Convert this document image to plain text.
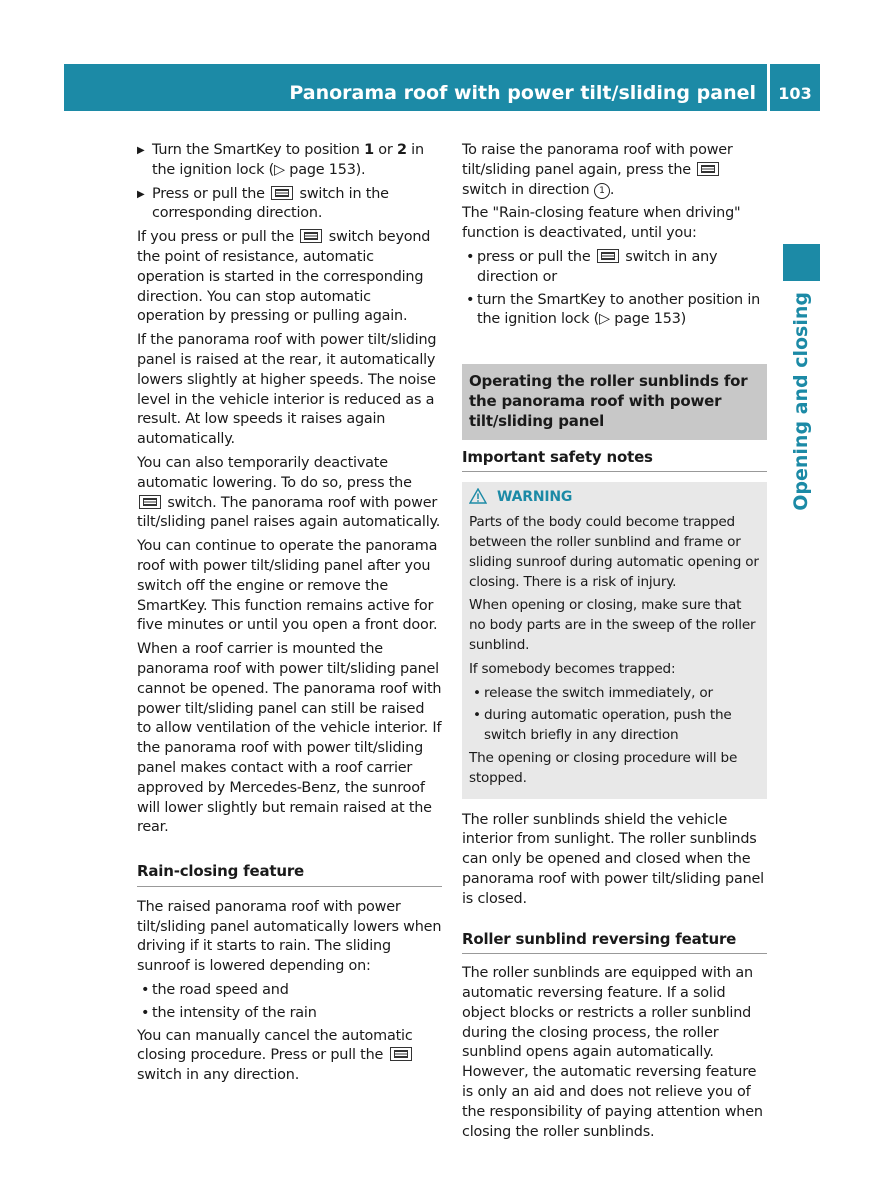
Panorama roof with power tilt/sliding panel	103
Opening and closing
▶ Turn the SmartKey to position 1 or 2 in the ignition lock (▷ page 153).
▶ Press or pull the  switch in the corresponding direction.

If you press or pull the  switch beyond the point of resistance, automatic operation is started in the corresponding direction. You can stop automatic operation by pressing or pulling again.

If the panorama roof with power tilt/sliding panel is raised at the rear, it automatically lowers slightly at higher speeds. The noise level in the vehicle interior is reduced as a result. At low speeds it raises again automatically.

You can also temporarily deactivate automatic lowering. To do so, press the  switch. The panorama roof with power tilt/sliding panel raises again automatically.

You can continue to operate the panorama roof with power tilt/sliding panel after you switch off the engine or remove the SmartKey. This function remains active for five minutes or until you open a front door.

When a roof carrier is mounted the panorama roof with power tilt/sliding panel cannot be opened. The panorama roof with power tilt/sliding panel can still be raised to allow ventilation of the vehicle interior. If the panorama roof with power tilt/sliding panel makes contact with a roof carrier approved by Mercedes-Benz, the sunroof will lower slightly but remain raised at the rear.

Rain-closing feature

The raised panorama roof with power tilt/sliding panel automatically lowers when driving if it starts to rain. The sliding sunroof is lowered depending on:

• the road speed and
• the intensity of the rain

You can manually cancel the automatic closing procedure. Press or pull the  switch in any direction.

To raise the panorama roof with power tilt/sliding panel again, press the  switch in direction 1 .

The "Rain-closing feature when driving" function is deactivated, until you:

• press or pull the  switch in any direction or
• turn the SmartKey to another position in the ignition lock (▷ page 153)
Operating the roller sunblinds for the panorama roof with power tilt/sliding panel
Important safety notes
WARNING

Parts of the body could become trapped between the roller sunblind and frame or sliding sunroof during automatic opening or closing. There is a risk of injury.

When opening or closing, make sure that no body parts are in the sweep of the roller sunblind.

If somebody becomes trapped:

• release the switch immediately, or
• during automatic operation, push the switch briefly in any direction

The opening or closing procedure will be stopped.

The roller sunblinds shield the vehicle interior from sunlight. The roller sunblinds can only be opened and closed when the panorama roof with power tilt/sliding panel is closed.

Roller sunblind reversing feature

The roller sunblinds are equipped with an automatic reversing feature. If a solid object blocks or restricts a roller sunblind during the closing process, the roller sunblind opens again automatically. However, the automatic reversing feature is only an aid and does not relieve you of the responsibility of paying attention when closing the roller sunblinds.
